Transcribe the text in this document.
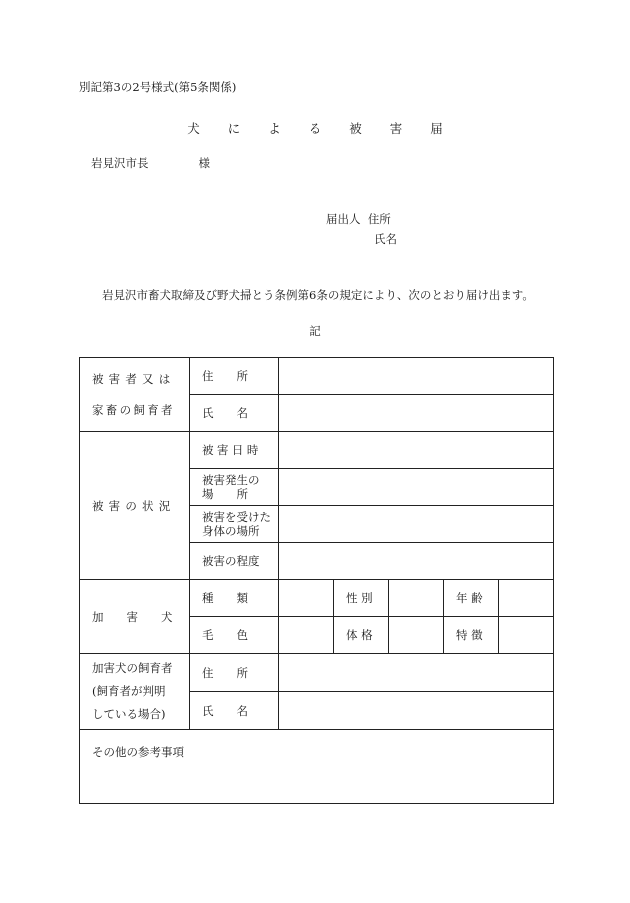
別記第3の2号様式(第5条関係)
犬 に よ る 被 害 届
岩見沢市長	様
届出人 住所
氏名
岩見沢市畜犬取締及び野犬掃とう条例第6条の規定により、次のとおり届け出ます。
記
被害者又は
家畜の飼育者	住　　所					
	氏　　名					
被害の状況	被害日時					

	被害発生の
場　　所					

	被害を受けた
身体の場所					

	被害の程度					
加　　害　　犬	種　　類		性 別		年 齢	
	毛　　色		体 格		特 徴	

加害犬の飼育者
(飼育者が判明
している場合)	住　　所					
	氏　　名					
その他の参考事項						
